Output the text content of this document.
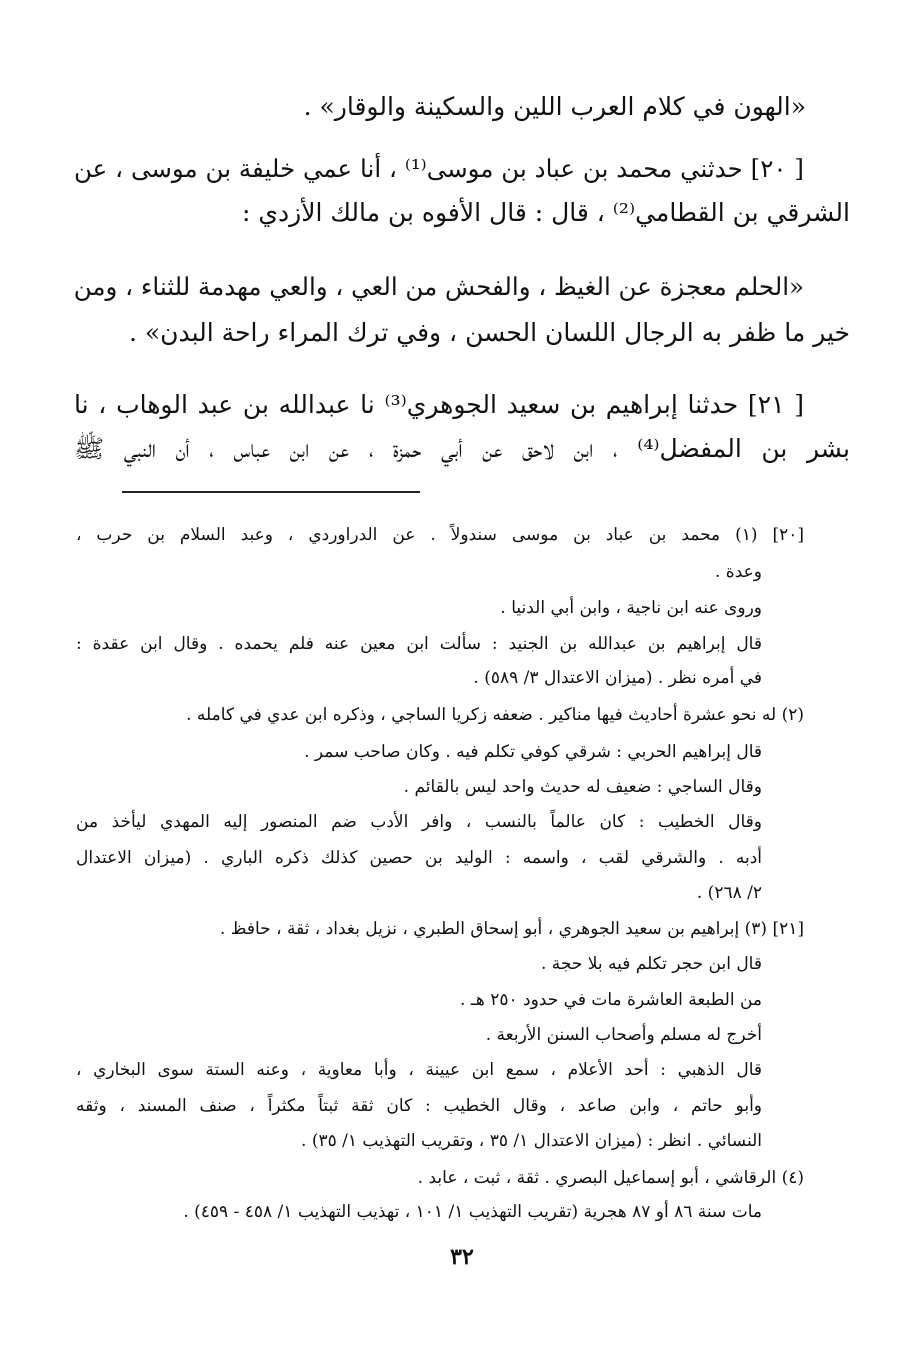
«الهون في كلام العرب اللين والسكينة والوقار» .
[ ٢٠] حدثني محمد بن عباد بن موسى⁽¹⁾ ، أنا عمي خليفة بن موسى ، عن
الشرقي بن القطامي⁽²⁾ ، قال : قال الأفوه بن مالك الأزدي :
«الحلم معجزة عن الغيظ ، والفحش من العي ، والعي مهدمة للثناء ، ومن
خير ما ظفر به الرجال اللسان الحسن ، وفي ترك المراء راحة البدن» .
[ ٢١] حدثنا إبراهيم بن سعيد الجوهري⁽³⁾ نا عبدالله بن عبد الوهاب ، نا
بشر بن المفضل⁽⁴⁾ ، ابن لاحق عن أبي حمزة ، عن ابن عباس ، أن النبي ﷺ
[٢٠] (١) محمد بن عباد بن موسى سندولاً . عن الدراوردي ، وعبد السلام بن حرب ،
وعدة .
وروى عنه ابن ناجية ، وابن أبي الدنيا .
قال إبراهيم بن عبدالله بن الجنيد : سألت ابن معين عنه فلم يحمده . وقال ابن عقدة :
في أمره نظر . (ميزان الاعتدال ٣/ ٥٨٩) .
(٢) له نحو عشرة أحاديث فيها مناكير . ضعفه زكريا الساجي ، وذكره ابن عدي في كامله .
قال إبراهيم الحربي : شرقي كوفي تكلم فيه . وكان صاحب سمر .
وقال الساجي : ضعيف له حديث واحد ليس بالقائم .
وقال الخطيب : كان عالماً بالنسب ، وافر الأدب ضم المنصور إليه المهدي ليأخذ من
أدبه . والشرقي لقب ، واسمه : الوليد بن حصين كذلك ذكره الباري . (ميزان الاعتدال
٢/ ٢٦٨) .
[٢١] (٣) إبراهيم بن سعيد الجوهري ، أبو إسحاق الطبري ، نزيل بغداد ، ثقة ، حافظ .
قال ابن حجر تكلم فيه بلا حجة .
من الطبعة العاشرة مات في حدود ٢٥٠ هـ .
أخرج له مسلم وأصحاب السنن الأربعة .
قال الذهبي : أحد الأعلام ، سمع ابن عيينة ، وأبا معاوية ، وعنه الستة سوى البخاري ،
وأبو حاتم ، وابن صاعد ، وقال الخطيب : كان ثقة ثبتاً مكثراً ، صنف المسند ، وثقه
النسائي . انظر : (ميزان الاعتدال ١/ ٣٥ ، وتقريب التهذيب ١/ ٣٥) .
(٤) الرقاشي ، أبو إسماعيل البصري . ثقة ، ثبت ، عابد .
مات سنة ٨٦ أو ٨٧ هجرية (تقريب التهذيب ١/ ١٠١ ، تهذيب التهذيب ١/ ٤٥٨ - ٤٥٩) .
٣٢
